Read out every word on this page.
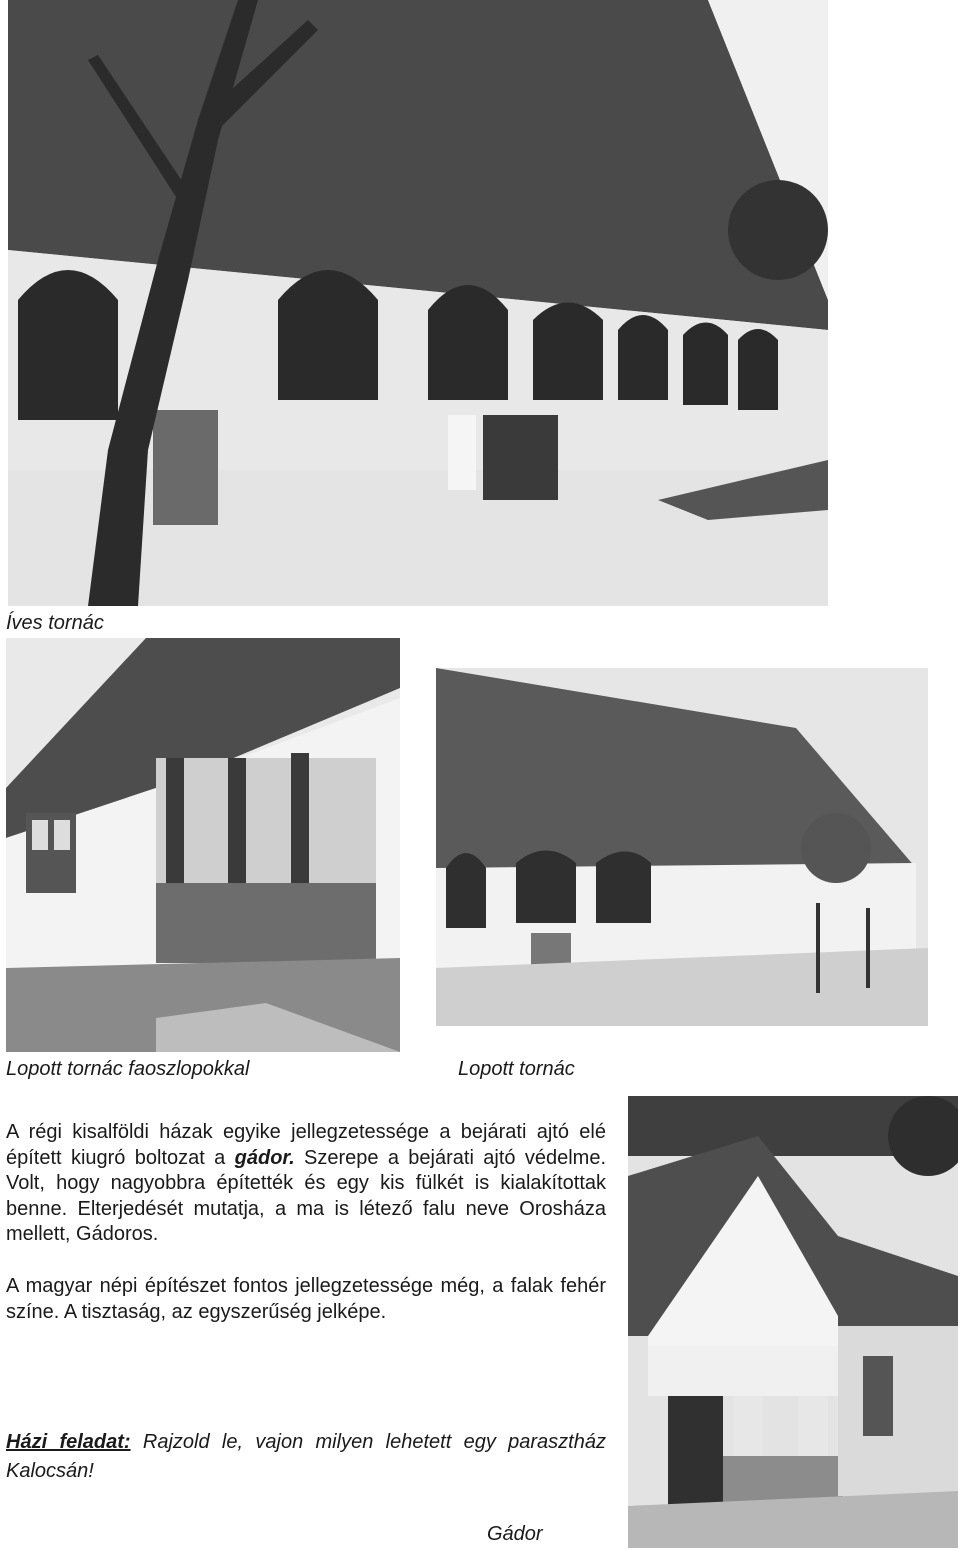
Íves tornác
Lopott tornác faoszlopokkal	Lopott tornác

A régi kisalföldi házak egyike jellegzetessége a bejárati ajtó elé épített kiugró boltozat a gádor. Szerepe a bejárati ajtó védelme. Volt, hogy nagyobbra építették és egy kis fülkét is kialakítottak benne. Elterjedését mutatja, a ma is létező falu neve Orosháza mellett, Gádoros.

A magyar népi építészet fontos jellegzetessége még, a falak fehér színe. A tisztaság, az egyszerűség jelképe.

Házi feladat: Rajzold le, vajon milyen lehetett egy parasztház Kalocsán!

Gádor
